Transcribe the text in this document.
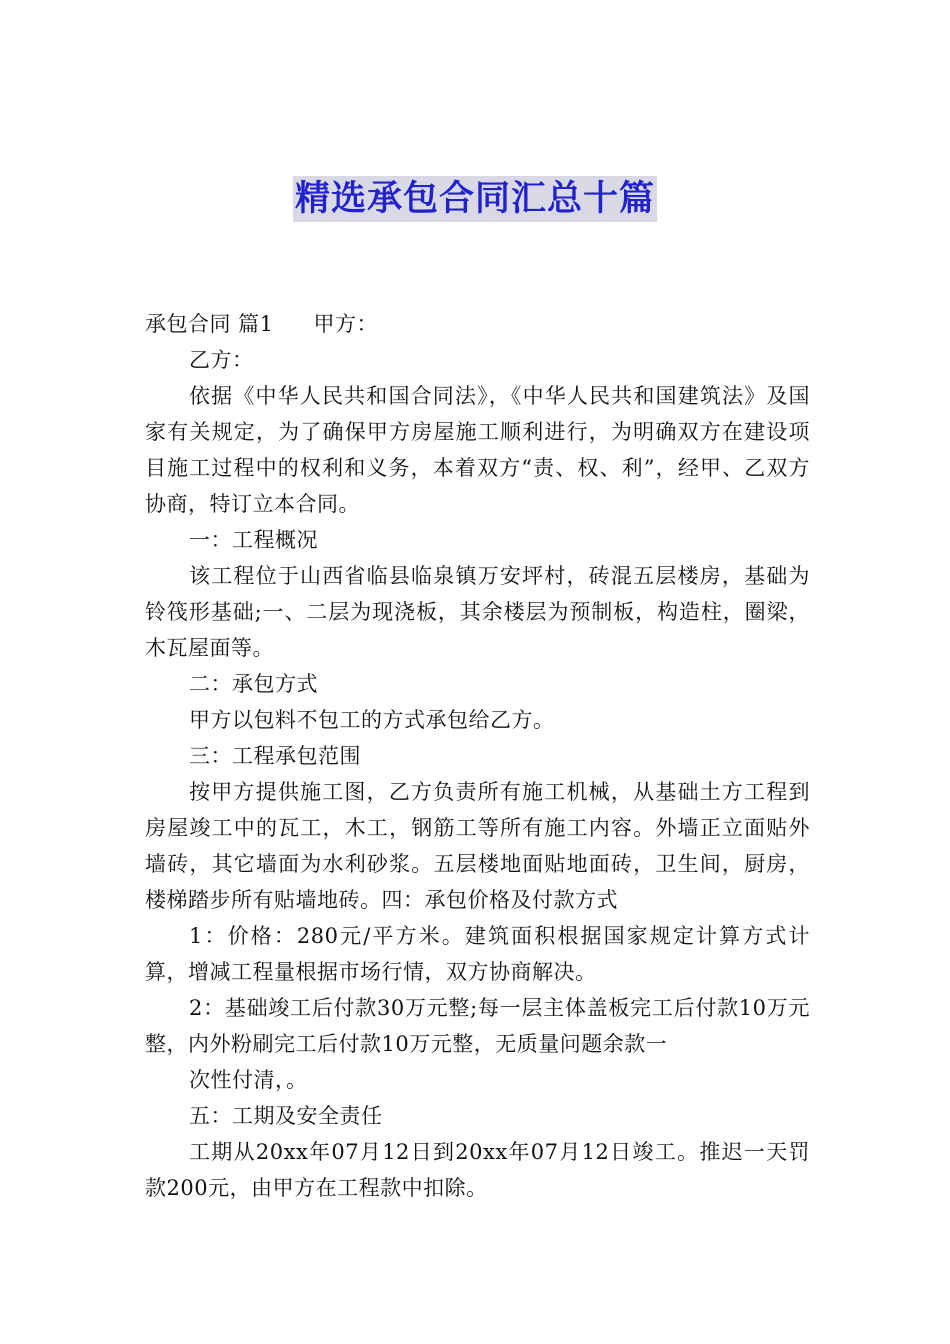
精选承包合同汇总十篇

承包合同 篇1 甲方：

乙方：

依据《中华人民共和国合同法》，《中华人民共和国建筑法》及国家有关规定，为了确保甲方房屋施工顺利进行，为明确双方在建设项目施工过程中的权利和义务，本着双方“责、权、利”，经甲、乙双方协商，特订立本合同。

一：工程概况

该工程位于山西省临县临泉镇万安坪村，砖混五层楼房，基础为铃筏形基础;一、二层为现浇板，其余楼层为预制板，构造柱，圈梁，木瓦屋面等。

二：承包方式

甲方以包料不包工的方式承包给乙方。

三：工程承包范围

按甲方提供施工图，乙方负责所有施工机械，从基础土方工程到房屋竣工中的瓦工，木工，钢筋工等所有施工内容。外墙正立面贴外墙砖，其它墙面为水利砂浆。五层楼地面贴地面砖，卫生间，厨房，楼梯踏步所有贴墙地砖。四：承包价格及付款方式

1：价格：280元/平方米。建筑面积根据国家规定计算方式计算，增减工程量根据市场行情，双方协商解决。

2：基础竣工后付款30万元整;每一层主体盖板完工后付款10万元整，内外粉刷完工后付款10万元整，无质量问题余款一

次性付清，。

五：工期及安全责任

工期从20xx年07月12日到20xx年07月12日竣工。推迟一天罚款200元，由甲方在工程款中扣除。
